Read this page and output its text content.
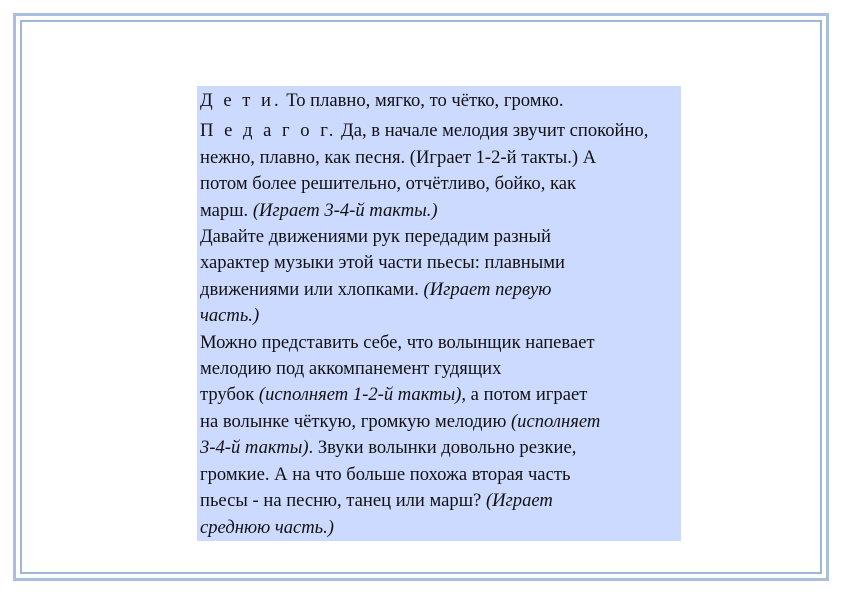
Д е т и. То плавно, мягко, то чётко, громко.

П е д а г о г. Да, в начале мелодия звучит спокойно,
нежно, плавно, как песня. (Играет 1-2-й такты.) А
потом более решительно, отчётливо, бойко, как
марш. (Играет 3-4-й такты.)

Давайте движениями рук передадим разный
характер музыки этой части пьесы: плавными
движениями или хлопками. (Играет первую
часть.)

Можно представить себе, что волынщик напевает
мелодию под аккомпанемент гудящих
трубок (исполняет 1-2-й такты), а потом играет
на волынке чёткую, громкую мелодию (исполняет
3-4-й такты). Звуки волынки довольно резкие,
громкие. А на что больше похожа вторая часть
пьесы - на песню, танец или марш? (Играет
среднюю часть.)
